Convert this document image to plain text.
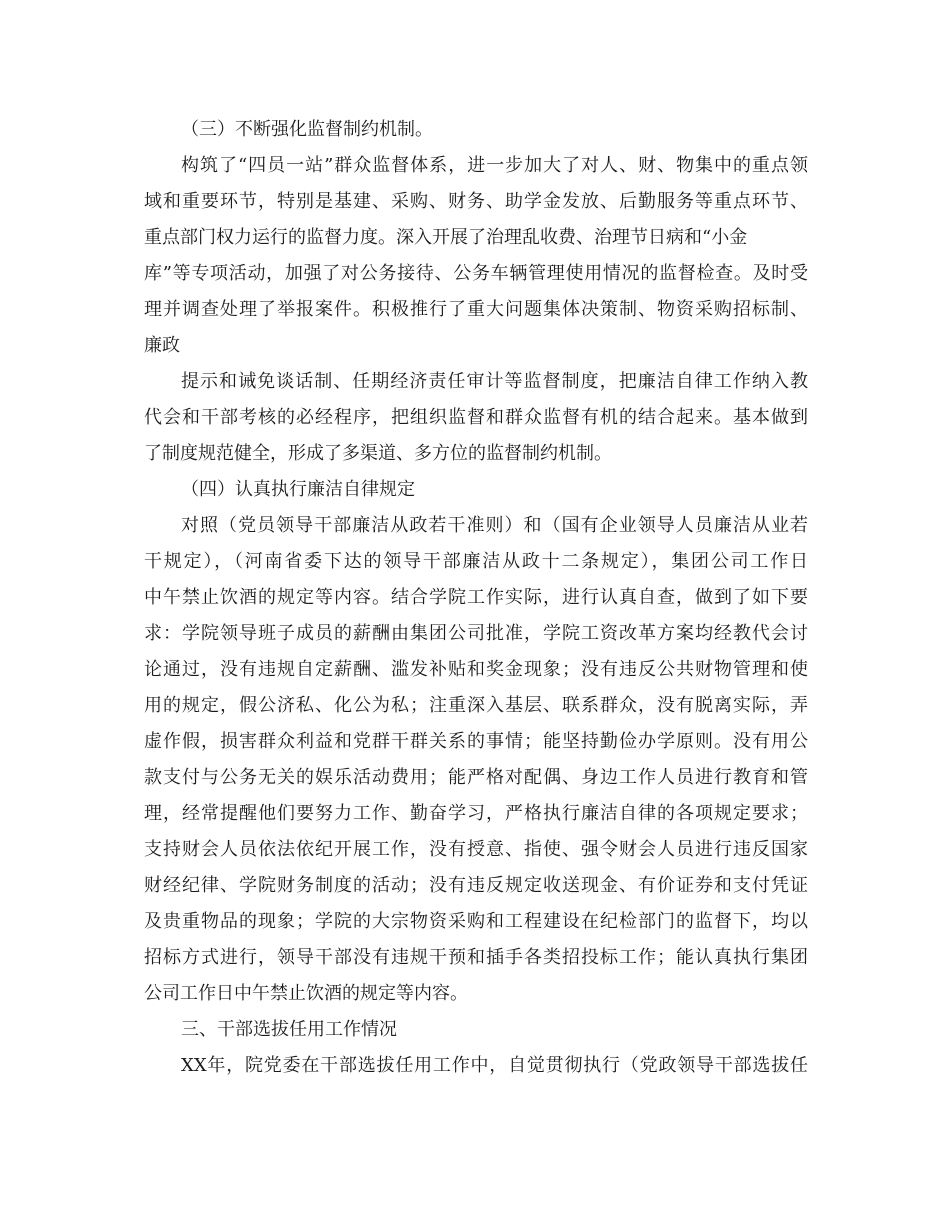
（三）不断强化监督制约机制。
构筑了“四员一站”群众监督体系，进一步加大了对人、财、物集中的重点领
域和重要环节，特别是基建、采购、财务、助学金发放、后勤服务等重点环节、
重点部门权力运行的监督力度。深入开展了治理乱收费、治理节日病和“小金
库”等专项活动，加强了对公务接待、公务车辆管理使用情况的监督检查。及时受
理并调查处理了举报案件。积极推行了重大问题集体决策制、物资采购招标制、
廉政
提示和诫免谈话制、任期经济责任审计等监督制度，把廉洁自律工作纳入教
代会和干部考核的必经程序，把组织监督和群众监督有机的结合起来。基本做到
了制度规范健全，形成了多渠道、多方位的监督制约机制。
（四）认真执行廉洁自律规定
对照（党员领导干部廉洁从政若干准则）和（国有企业领导人员廉洁从业若
干规定），（河南省委下达的领导干部廉洁从政十二条规定），集团公司工作日
中午禁止饮酒的规定等内容。结合学院工作实际，进行认真自查，做到了如下要
求：学院领导班子成员的薪酬由集团公司批准，学院工资改革方案均经教代会讨
论通过，没有违规自定薪酬、滥发补贴和奖金现象；没有违反公共财物管理和使
用的规定，假公济私、化公为私；注重深入基层、联系群众，没有脱离实际，弄
虚作假，损害群众利益和党群干群关系的事情；能坚持勤俭办学原则。没有用公
款支付与公务无关的娱乐活动费用；能严格对配偶、身边工作人员进行教育和管
理，经常提醒他们要努力工作、勤奋学习，严格执行廉洁自律的各项规定要求；
支持财会人员依法依纪开展工作，没有授意、指使、强令财会人员进行违反国家
财经纪律、学院财务制度的活动；没有违反规定收送现金、有价证券和支付凭证
及贵重物品的现象；学院的大宗物资采购和工程建设在纪检部门的监督下，均以
招标方式进行，领导干部没有违规干预和插手各类招投标工作；能认真执行集团
公司工作日中午禁止饮酒的规定等内容。
三、干部选拔任用工作情况
XX年，院党委在干部选拔任用工作中，自觉贯彻执行（党政领导干部选拔任
